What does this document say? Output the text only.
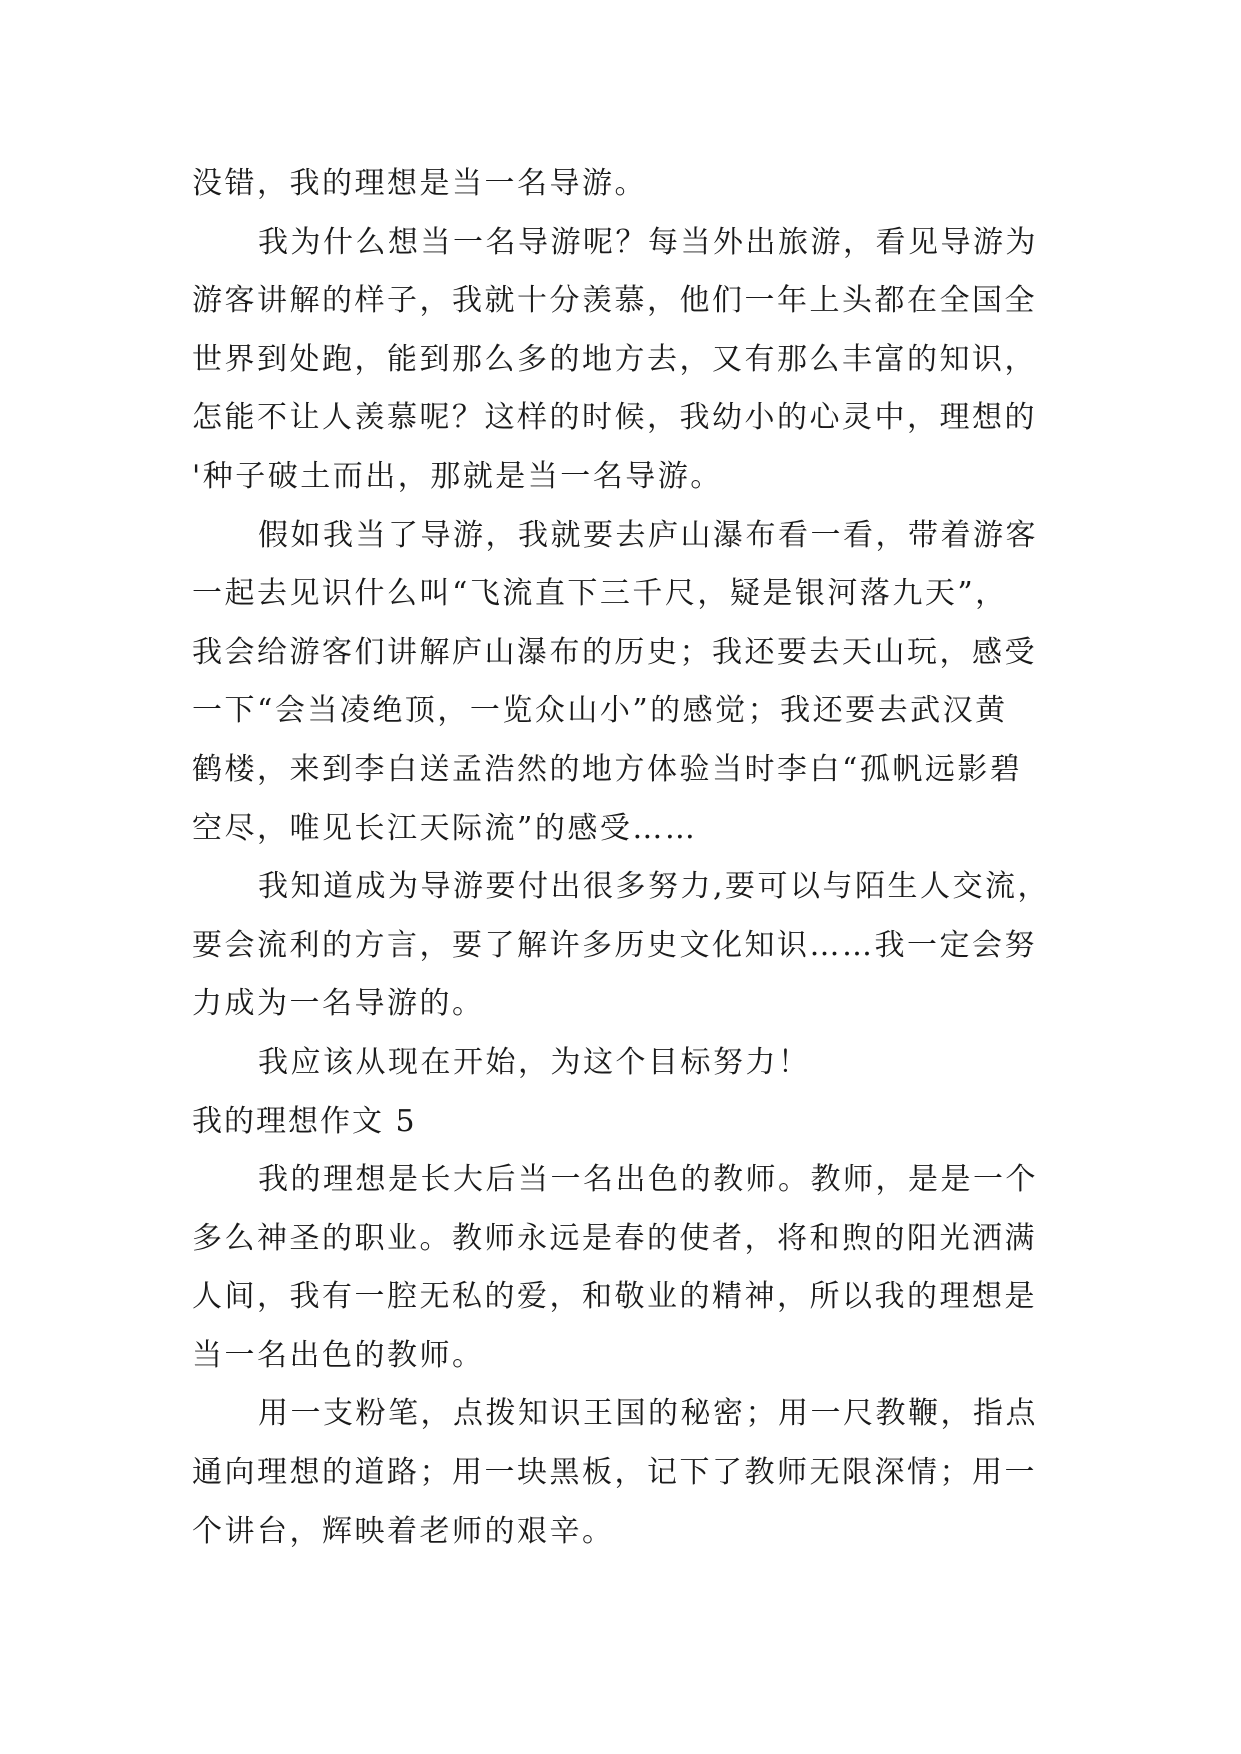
没错，我的理想是当一名导游。
我为什么想当一名导游呢？每当外出旅游，看见导游为
游客讲解的样子，我就十分羡慕，他们一年上头都在全国全
世界到处跑，能到那么多的地方去，又有那么丰富的知识，
怎能不让人羡慕呢？这样的时候，我幼小的心灵中，理想的
'种子破土而出，那就是当一名导游。
假如我当了导游，我就要去庐山瀑布看一看，带着游客
一起去见识什么叫“飞流直下三千尺，疑是银河落九天”，
我会给游客们讲解庐山瀑布的历史；我还要去天山玩，感受
一下“会当凌绝顶，一览众山小”的感觉；我还要去武汉黄
鹤楼，来到李白送孟浩然的地方体验当时李白“孤帆远影碧
空尽，唯见长江天际流”的感受……
我知道成为导游要付出很多努力,要可以与陌生人交流，
要会流利的方言，要了解许多历史文化知识……我一定会努
力成为一名导游的。
我应该从现在开始，为这个目标努力！
我的理想作文 5
我的理想是长大后当一名出色的教师。教师，是是一个
多么神圣的职业。教师永远是春的使者，将和煦的阳光洒满
人间，我有一腔无私的爱，和敬业的精神，所以我的理想是
当一名出色的教师。
用一支粉笔，点拨知识王国的秘密；用一尺教鞭，指点
通向理想的道路；用一块黑板，记下了教师无限深情；用一
个讲台，辉映着老师的艰辛。
